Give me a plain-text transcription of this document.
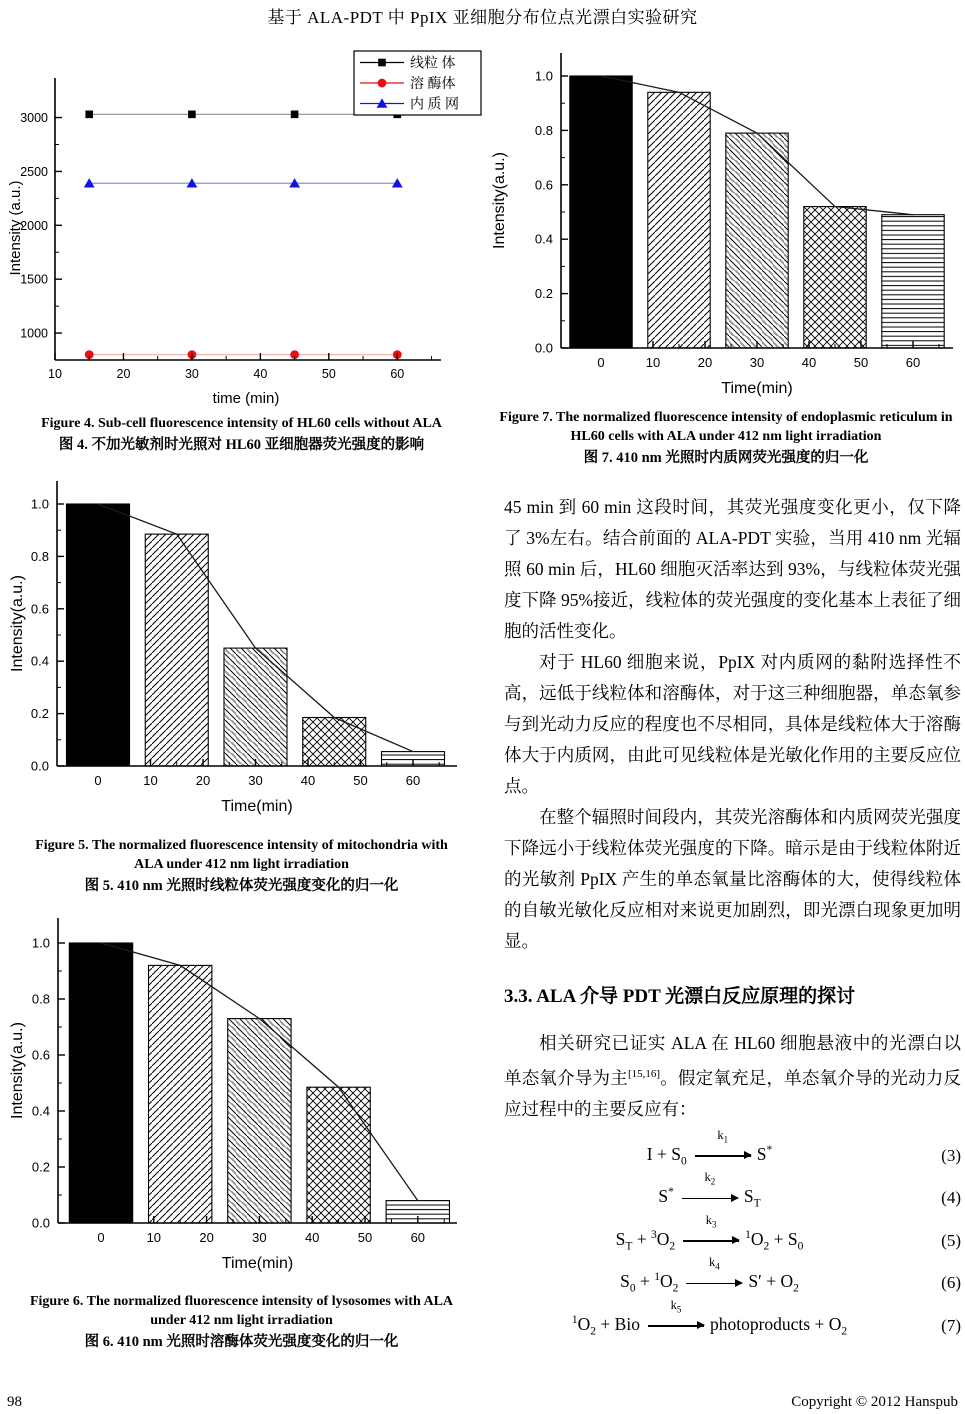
基于 ALA-PDT 中 PpIX 亚细胞分布位点光漂白实验研究
1000
1500
2000
2500
3000
10	20	30	40	50	60
time (min)
Intensity (a.u.)
线粒 体
溶 酶体
内 质 网
Figure 4. Sub-cell fluorescence intensity of HL60 cells without ALA
图 4. 不加光敏剂时光照对 HL60 亚细胞器荧光强度的影响
0.0
0.2
0.4
0.6
0.8
1.0
0	10	20	30	40	50	60
Time(min)
Intensity(a.u.)
Figure 5. The normalized fluorescence intensity of mitochondria with ALA under 412 nm light irradiation
图 5. 410 nm 光照时线粒体荧光强度变化的归一化
0.0
0.2
0.4
0.6
0.8
1.0
0	10	20	30	40	50	60
Time(min)
Intensity(a.u.)
Figure 6. The normalized fluorescence intensity of lysosomes with ALA under 412 nm light irradiation
图 6. 410 nm 光照时溶酶体荧光强度变化的归一化
0.0
0.2
0.4
0.6
0.8
1.0
0	10	20	30	40	50	60
Time(min)
Intensity(a.u.)
Figure 7. The normalized fluorescence intensity of endoplasmic reticulum in HL60 cells with ALA under 412 nm light irradiation
图 7. 410 nm 光照时内质网荧光强度的归一化

45 min 到 60 min 这段时间，其荧光强度变化更小，仅下降了 3%左右。结合前面的 ALA-PDT 实验，当用 410 nm 光辐照 60 min 后，HL60 细胞灭活率达到 93%，与线粒体荧光强度下降 95%接近，线粒体的荧光强度的变化基本上表征了细胞的活性变化。

对于 HL60 细胞来说，PpIX 对内质网的黏附选择性不高，远低于线粒体和溶酶体，对于这三种细胞器，单态氧参与到光动力反应的程度也不尽相同，具体是线粒体大于溶酶体大于内质网，由此可见线粒体是光敏化作用的主要反应位点。

在整个辐照时间段内，其荧光溶酶体和内质网荧光强度下降远小于线粒体荧光强度的下降。暗示是由于线粒体附近的光敏剂 PpIX 产生的单态氧量比溶酶体的大，使得线粒体的自敏光敏化反应相对来说更加剧烈，即光漂白现象更加明显。

3.3. ALA 介导 PDT 光漂白反应原理的探讨

相关研究已证实 ALA 在 HL60 细胞悬液中的光漂白以单态氧介导为主[15,16]。假定氧充足，单态氧介导的光动力反应过程中的主要反应有：

$I + S_0$
$k_1$
S*	(3)
S*
$k_2$
$S_T$	(4)
$S_T + ^3O_2$
$k_3$
$^1O_2 + S_0$	(5)
$S_0 + ^1O_2$
$k_4$
$S' + O_2$	(6)
$^1O_2$ + Bio
$k_5$
photoproducts + $O_2$	(7)
98	Copyright © 2012 Hanspub
